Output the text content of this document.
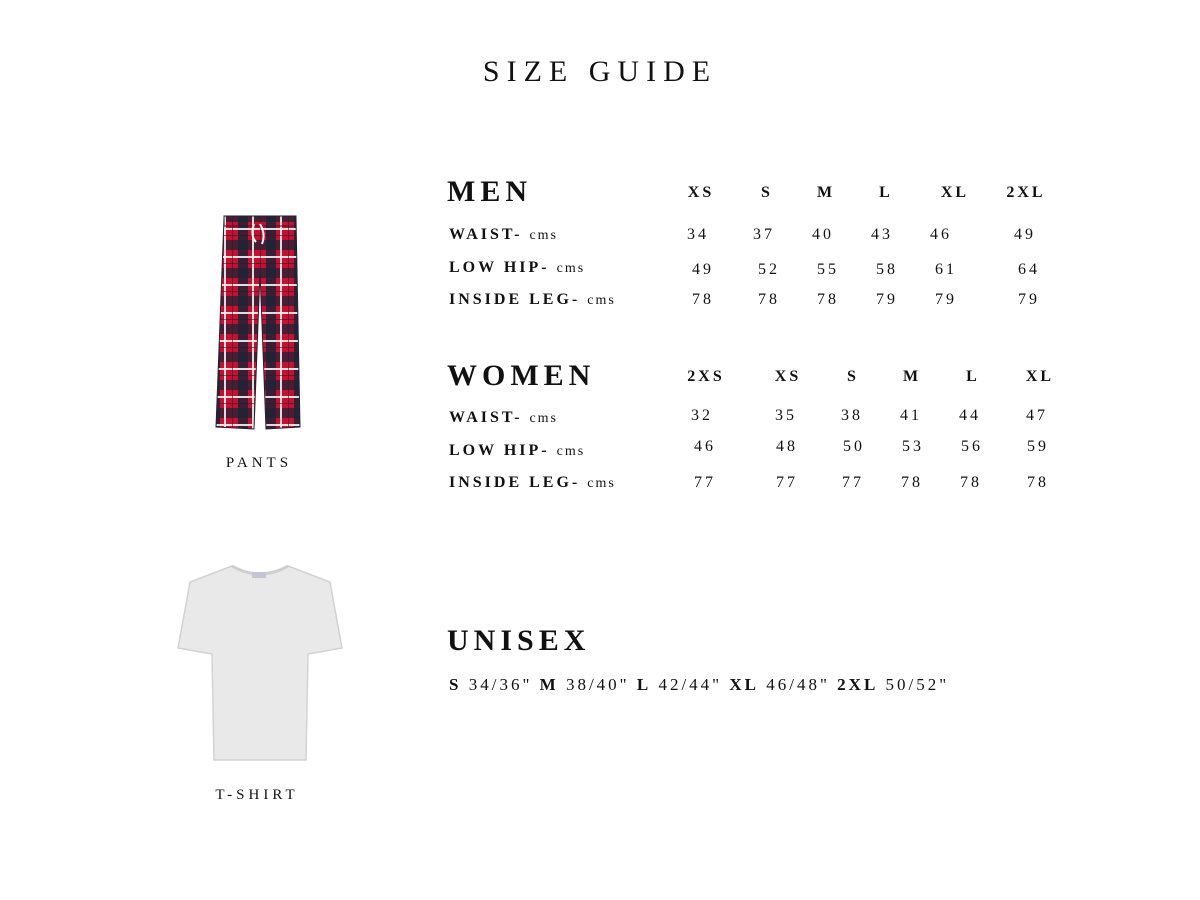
SIZE GUIDE
PANTS
T-SHIRT
MEN	XS	S	M	L	XL	2XL
WAIST- cms	34	37	40	43	46	49
LOW HIP- cms	49	52	55	58	61	64
INSIDE LEG- cms	78	78	78	79	79	79
WOMEN	2XS	XS	S	M	L	XL
WAIST- cms	32	35	38	41	44	47
LOW HIP- cms	46	48	50	53	56	59
INSIDE LEG- cms	77	77	77	78	78	78
UNISEX
S 34/36" M 38/40" L 42/44" XL 46/48" 2XL 50/52"
